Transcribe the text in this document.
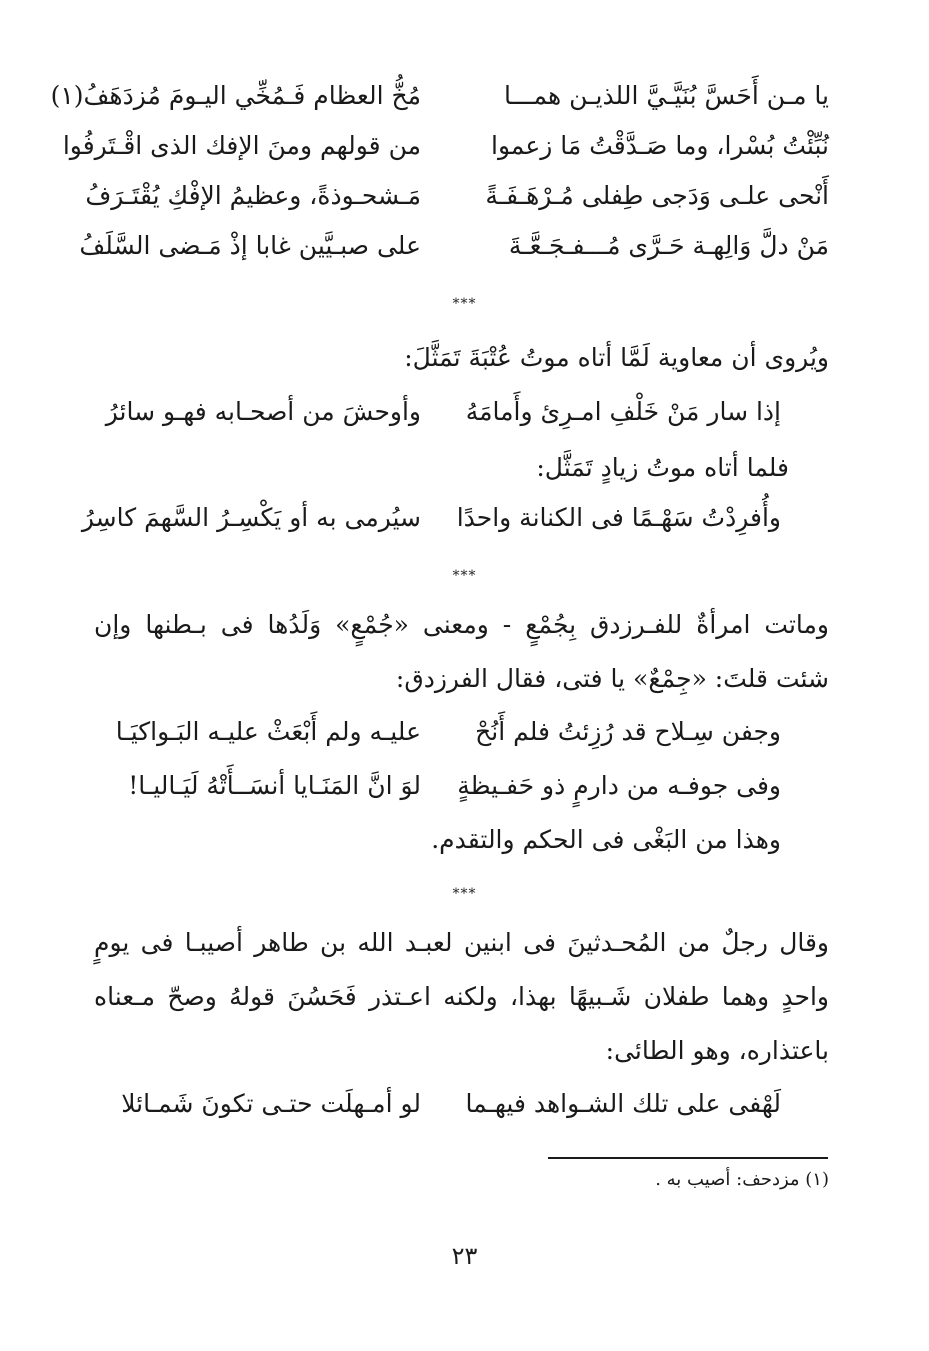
يا مـن أَحَسَّ بُنَيَّـيَّ اللذيـن همـــا
مُخُّ العظام فَـمُخِّي اليـومَ مُزدَهَفُ(١)
نُبِّئْتُ بُسْرا، وما صَـدَّقْتُ مَا زعموا
من قولهم ومنَ الإفك الذى اقْـتَرفُوا
أَنْحى علـى وَدَجى طِفلى مُـرْهَـفَـةً
مَـشحـوذةً، وعظيمُ الإفْكِ يُقْتَـرَفُ
مَنْ دلَّ وَالِهـة حَـرَّى مُـــفـجَـعَّـةَ
على صبـيَّين غابا إذْ مَـضى السَّلَفُ
***
ويُروى أن معاوية لَمَّا أتاه موتُ عُتْبَةَ تَمَثَّلَ:
إذا سار مَنْ خَلْفِ امـرِئ وأَمامَهُ
وأوحشَ من أصحـابه فهـو سائرُ
فلما أتاه موتُ زيادٍ تَمَثَّل:
وأُفرِدْتُ سَهْـمًا فى الكنانة واحدًا
سيُرمى به أو يَكْسِـرُ السَّهمَ كاسِرُ
***
وماتت امرأةٌ للفـرزدق بِجُمْعٍ - ومعنى «جُمْعٍ» وَلَدُها فى بـطنها وإن شئت قلتَ: «جِمْعٌ» يا فتى، فقال الفرزدق:
وجفن سِـلاح قد رُزِئتُ فلم أَنُحْ
عليـه ولم أَبْعَثْ عليـه البَـواكيَـا
وفى جوفـه من دارمٍ ذو حَفـيظةٍ
لوَ انَّ المَنَـايا أنسَــأَتْهُ لَيَـاليـا!
وهذا من البَغْى فى الحكم والتقدم.
***
وقال رجلٌ من المُحـدثينَ فى ابنين لعبـد الله بن طاهر أصيبـا فى يومٍ واحدٍ وهما طفلان شَـبيهًا بهذا، ولكنه اعـتذر فَحَسُنَ قولهُ وصحّ مـعناه باعتذاره، وهو الطائى:
لَهْفى على تلك الشـواهد فيهـما
لو أمـهلَت حتـى تكونَ شَمـائلا
(١) مزدحف: أصيب به .
٢٣
